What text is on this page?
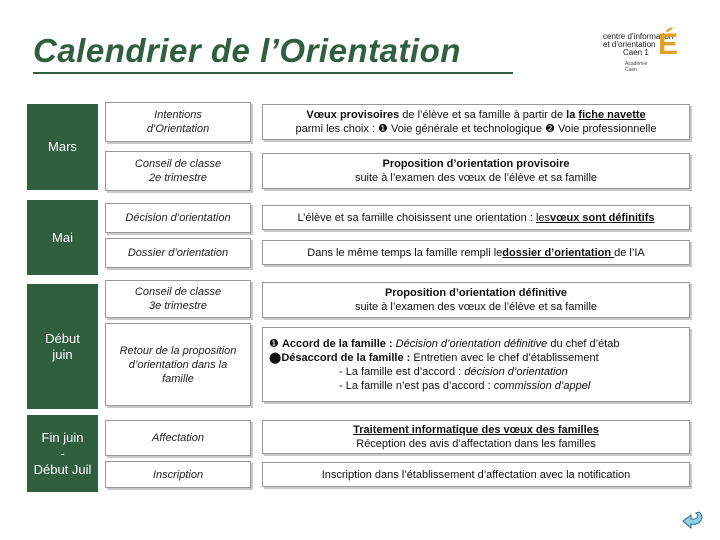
Calendrier de l’Orientation	centre d’information
et d’orientation
Caen 1
Académie Caen
É
Mars
Mai
Début
juin
Fin juin
-
Début Juil
Intentions
d’Orientation
Conseil de classe
2e trimestre
Décision d’orientation
Dossier d’orientation
Conseil de classe
3e trimestre
Retour de la proposition
d’orientation dans la
famille
Affectation
Inscription
Vœux provisoires de l’élève et sa famille à partir de la fiche navette
parmi les choix : ❶ Voie générale et technologique ❷ Voie professionnelle
Proposition d’orientation provisoire
suite à l’examen des vœux de l’élève et sa famille
L’élève et sa famille choisissent une orientation : lesvœux sont définitifs
Dans le même temps la famille rempli ledossier d’orientation de l’IA
Proposition d’orientation définitive
suite à l’examen des vœux de l’élève et sa famille
❶ Accord de la famille : Décision d’orientation définitive du chef d’étab
⬤Désaccord de la famille : Entretien avec le chef d’établissement
- La famille est d’accord : décision d’orientation
- La famille n’est pas d’accord : commission d’appel
Traitement informatique des vœux des familles
Réception des avis d’affectation dans les familles
Inscription dans l’établissement d’affectation avec la notification
